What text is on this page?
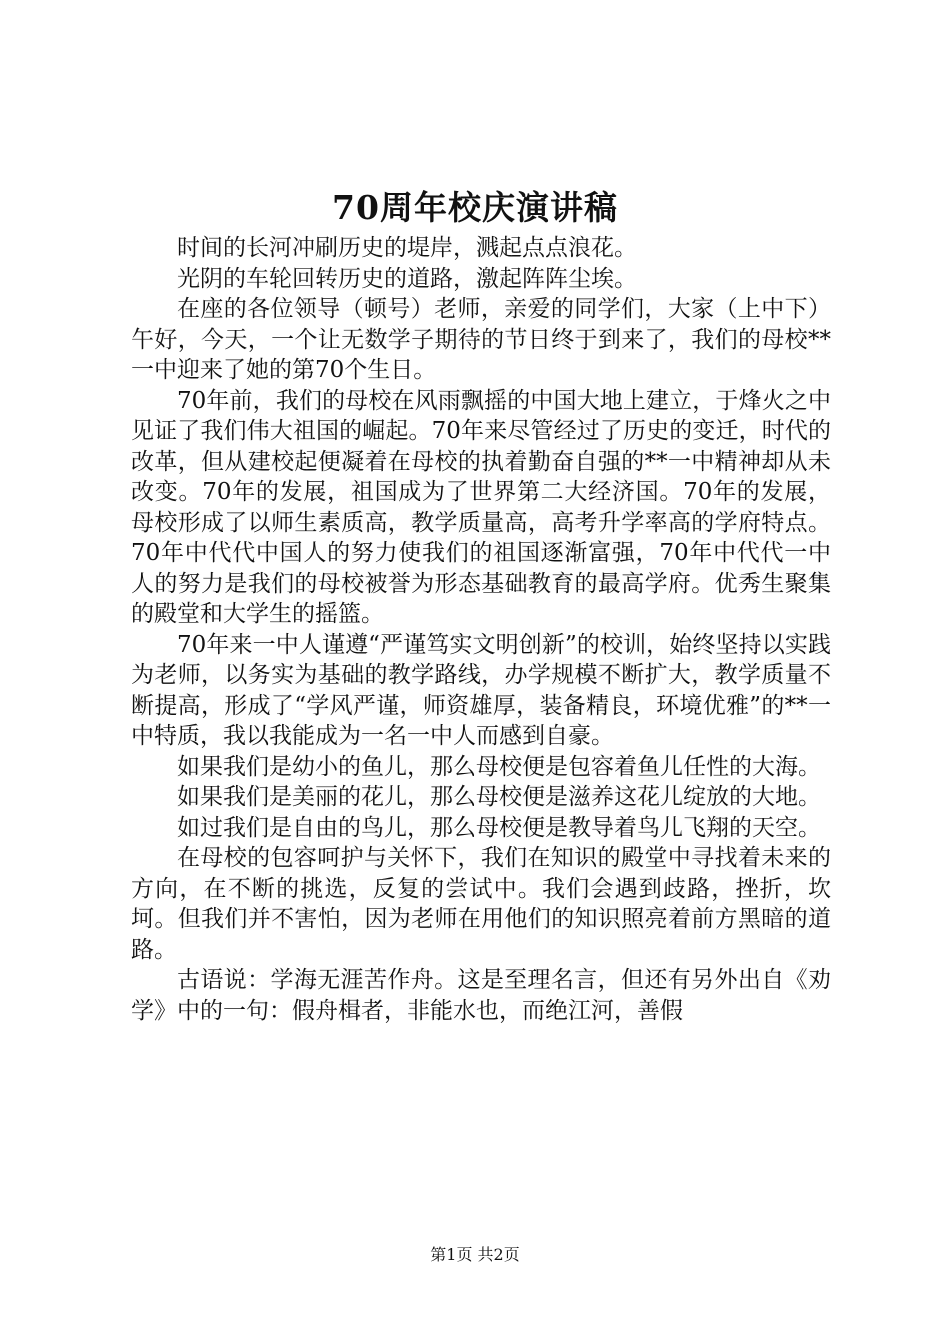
70周年校庆演讲稿

时间的长河冲刷历史的堤岸，溅起点点浪花。

光阴的车轮回转历史的道路，激起阵阵尘埃。

在座的各位领导（顿号）老师，亲爱的同学们，大家（上中下）午好，今天，一个让无数学子期待的节日终于到来了，我们的母校**一中迎来了她的第70个生日。

70年前，我们的母校在风雨飘摇的中国大地上建立，于烽火之中见证了我们伟大祖国的崛起。70年来尽管经过了历史的变迁，时代的改革，但从建校起便凝着在母校的执着勤奋自强的**一中精神却从未改变。70年的发展，祖国成为了世界第二大经济国。70年的发展，母校形成了以师生素质高，教学质量高，高考升学率高的学府特点。70年中代代中国人的努力使我们的祖国逐渐富强，70年中代代一中人的努力是我们的母校被誉为形态基础教育的最高学府。优秀生聚集的殿堂和大学生的摇篮。

70年来一中人谨遵“严谨笃实文明创新”的校训，始终坚持以实践为老师，以务实为基础的教学路线，办学规模不断扩大，教学质量不断提高，形成了“学风严谨，师资雄厚，装备精良，环境优雅”的**一中特质，我以我能成为一名一中人而感到自豪。

如果我们是幼小的鱼儿，那么母校便是包容着鱼儿任性的大海。

如果我们是美丽的花儿，那么母校便是滋养这花儿绽放的大地。

如过我们是自由的鸟儿，那么母校便是教导着鸟儿飞翔的天空。

在母校的包容呵护与关怀下，我们在知识的殿堂中寻找着未来的方向，在不断的挑选，反复的尝试中。我们会遇到歧路，挫折，坎坷。但我们并不害怕，因为老师在用他们的知识照亮着前方黑暗的道路。

古语说：学海无涯苦作舟。这是至理名言，但还有另外出自《劝学》中的一句：假舟楫者，非能水也，而绝江河，善假

第1页 共2页
